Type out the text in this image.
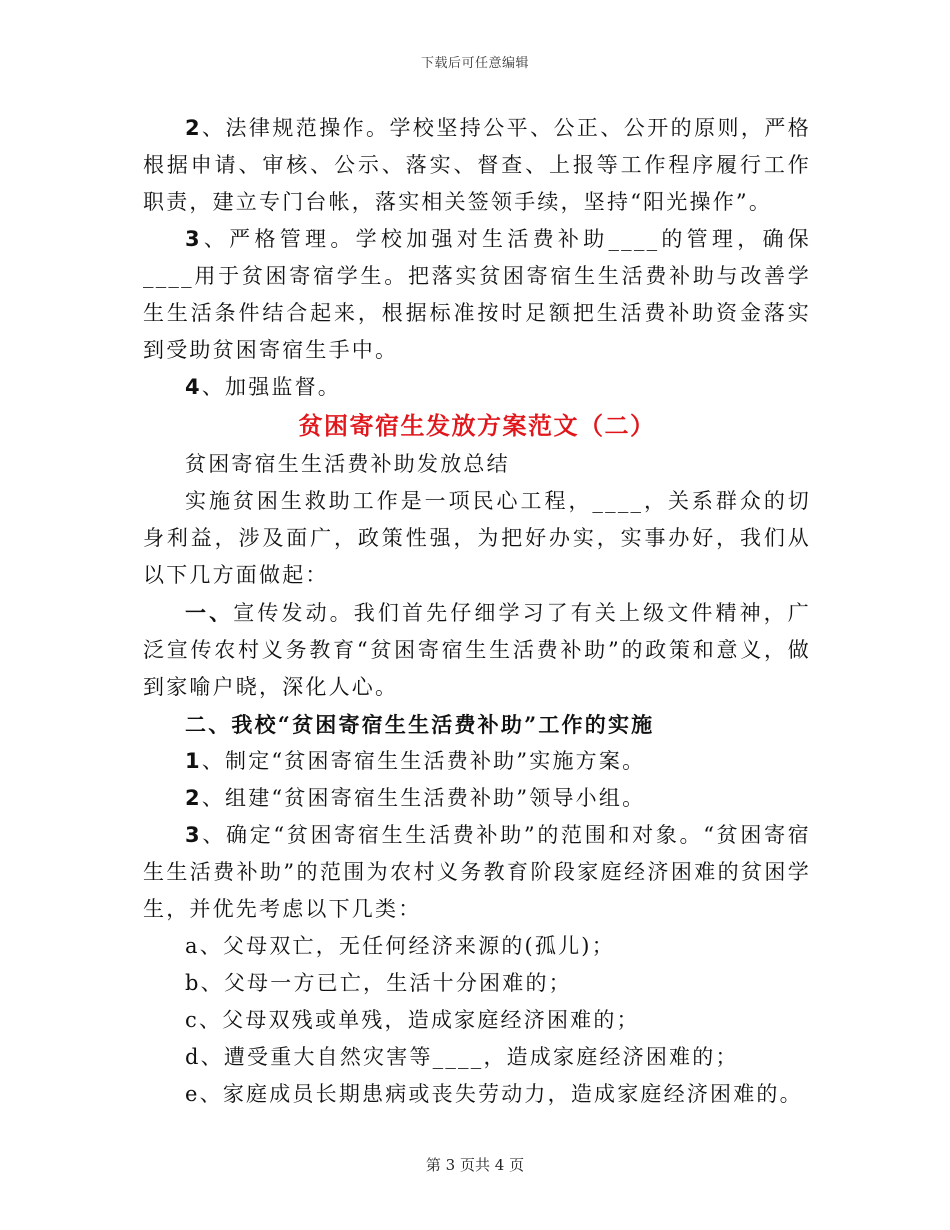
下载后可任意编辑

2、法律规范操作。学校坚持公平、公正、公开的原则，严格根据申请、审核、公示、落实、督查、上报等工作程序履行工作职责，建立专门台帐，落实相关签领手续，坚持“阳光操作”。

3、严格管理。学校加强对生活费补助____的管理，确保____用于贫困寄宿学生。把落实贫困寄宿生生活费补助与改善学生生活条件结合起来，根据标准按时足额把生活费补助资金落实到受助贫困寄宿生手中。

4、加强监督。

贫困寄宿生发放方案范文（二）

贫困寄宿生生活费补助发放总结

实施贫困生救助工作是一项民心工程，____，关系群众的切身利益，涉及面广，政策性强，为把好办实，实事办好，我们从以下几方面做起：

一、宣传发动。我们首先仔细学习了有关上级文件精神，广泛宣传农村义务教育“贫困寄宿生生活费补助”的政策和意义，做到家喻户晓，深化人心。

二、我校“贫困寄宿生生活费补助”工作的实施

1、制定“贫困寄宿生生活费补助”实施方案。

2、组建“贫困寄宿生生活费补助”领导小组。

3、确定“贫困寄宿生生活费补助”的范围和对象。“贫困寄宿生生活费补助”的范围为农村义务教育阶段家庭经济困难的贫困学生，并优先考虑以下几类：

a、父母双亡，无任何经济来源的(孤儿)；

b、父母一方已亡，生活十分困难的；

c、父母双残或单残，造成家庭经济困难的；

d、遭受重大自然灾害等____，造成家庭经济困难的；

e、家庭成员长期患病或丧失劳动力，造成家庭经济困难的。

第 3 页共 4 页
